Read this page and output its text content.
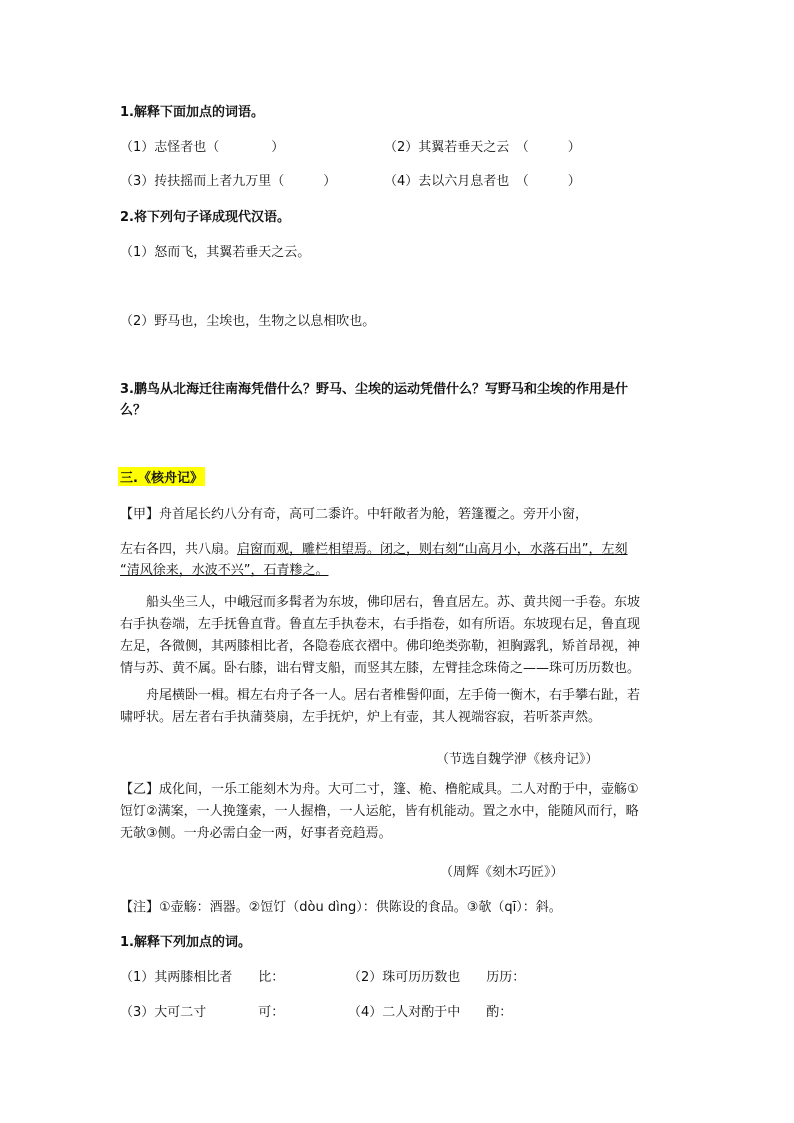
1.解释下面加点的词语。
（1）志怪者也（　　　　）	（2）其翼若垂天之云　（　　　）
（3）抟扶摇而上者九万里（　　　）	（4）去以六月息者也　（　　　）
2.将下列句子译成现代汉语。
（1）怒而飞，其翼若垂天之云。
（2）野马也，尘埃也，生物之以息相吹也。
3.鹏鸟从北海迁往南海凭借什么？野马、尘埃的运动凭借什么？写野马和尘埃的作用是什
么？
三.《核舟记》
【甲】舟首尾长约八分有奇，高可二黍许。中轩敞者为舱，箬篷覆之。旁开小窗，
左右各四，共八扇。启窗而观，雕栏相望焉。闭之，则右刻“山高月小，水落石出”，左刻
“清风徐来，水波不兴”，石青糁之。

船头坐三人，中峨冠而多髯者为东坡，佛印居右，鲁直居左。苏、黄共阅一手卷。东坡

右手执卷端，左手抚鲁直背。鲁直左手执卷末，右手指卷，如有所语。东坡现右足，鲁直现

左足，各微侧，其两膝相比者，各隐卷底衣褶中。佛印绝类弥勒，袒胸露乳，矫首昂视，神

情与苏、黄不属。卧右膝，诎右臂支船，而竖其左膝，左臂挂念珠倚之——珠可历历数也。

舟尾横卧一楫。楫左右舟子各一人。居右者椎髻仰面，左手倚一衡木，右手攀右趾，若

啸呼状。居左者右手执蒲葵扇，左手抚炉，炉上有壶，其人视端容寂，若听茶声然。

（节选自魏学洢《核舟记》）

【乙】成化间，一乐工能刻木为舟。大可二寸，篷、桅、橹舵咸具。二人对酌于中，壶觞①

饾饤②满案，一人挽篷索，一人握橹，一人运舵，皆有机能动。置之水中，能随风而行，略

无欹③侧。一舟必需白金一两，好事者竞趋焉。

（周辉《刻木巧匠》）
【注】①壶觞：酒器。②饾饤（dòu dìng）：供陈设的食品。③欹（qī）：斜。
1.解释下列加点的词。
（1）其两膝相比者　　比：	（2）珠可历历数也　　历历：
（3）大可二寸　　　　可：	（4）二人对酌于中　　酌：
